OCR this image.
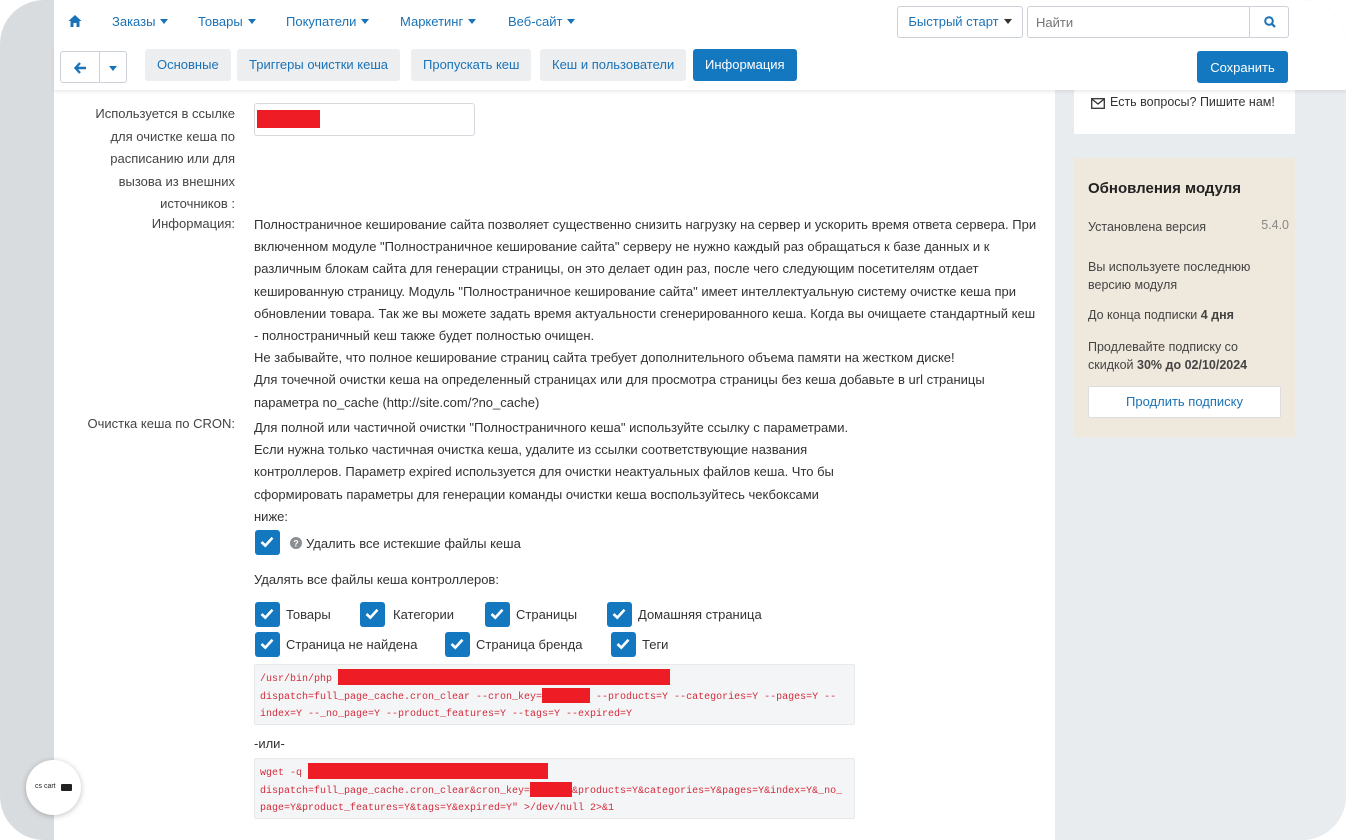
Используется в ссылке для очистке кеша по расписанию или для вызова из внешних источников :
Информация: Полностраничное кеширование сайта позволяет существенно снизить нагрузку на сервер и ускорить время ответа сервера. При
включенном модуле "Полностраничное кеширование сайта" серверу не нужно каждый раз обращаться к базе данных и к
различным блокам сайта для генерации страницы, он это делает один раз, после чего следующим посетителям отдает
кешированную страницу. Модуль "Полностраничное кеширование сайта" имеет интеллектуальную систему очистке кеша при
обновлении товара. Так же вы можете задать время актуальности сгенерированного кеша. Когда вы очищаете стандартный кеш
- полностраничный кеш также будет полностью очищен.
Не забывайте, что полное кеширование страниц сайта требует дополнительного объема памяти на жестком диске!
Для точечной очистки кеша на определенный страницах или для просмотра страницы без кеша добавьте в url страницы
параметра no_cache (http://site.com/?no_cache)
Очистка кеша по CRON: Для полной или частичной очистки "Полностраничного кеша" используйте ссылку с параметрами.
Если нужна только частичная очистка кеша, удалите из ссылки соответствующие названия
контроллеров. Параметр expired используется для очистки неактуальных файлов кеша. Что бы
сформировать параметры для генерации команды очистки кеша воспользуйтесь чекбоксами
ниже:
? Удалить все истекшие файлы кеша
Удалять все файлы кеша контроллеров:
Товары	Категории	Страницы	Домашняя страница
Страница не найдена	Страница бренда	Теги
/usr/bin/php
dispatch=full_page_cache.cron_clear --cron_key=	--products=Y --categories=Y --pages=Y --
index=Y --_no_page=Y --product_features=Y --tags=Y --expired=Y
-или-
wget -q
dispatch=full_page_cache.cron_clear&cron_key=	&products=Y&categories=Y&pages=Y&index=Y&_no_
page=Y&product_features=Y&tags=Y&expired=Y" >/dev/null 2>&1
Есть вопросы? Пишите нам!
Обновления модуля
Установлена версия	5.4.0
Вы используете последнюю версию модуля
До конца подписки 4 дня
Продлевайте подписку со
скидкой 30% до 02/10/2024
Продлить подписку
Заказы	Товары	Покупатели	Маркетинг	Веб-сайт	Быстрый старт
Найти
Основные	Триггеры очистки кеша	Пропускать кеш	Кеш и пользователи	Информация	Сохранить
cs cart
